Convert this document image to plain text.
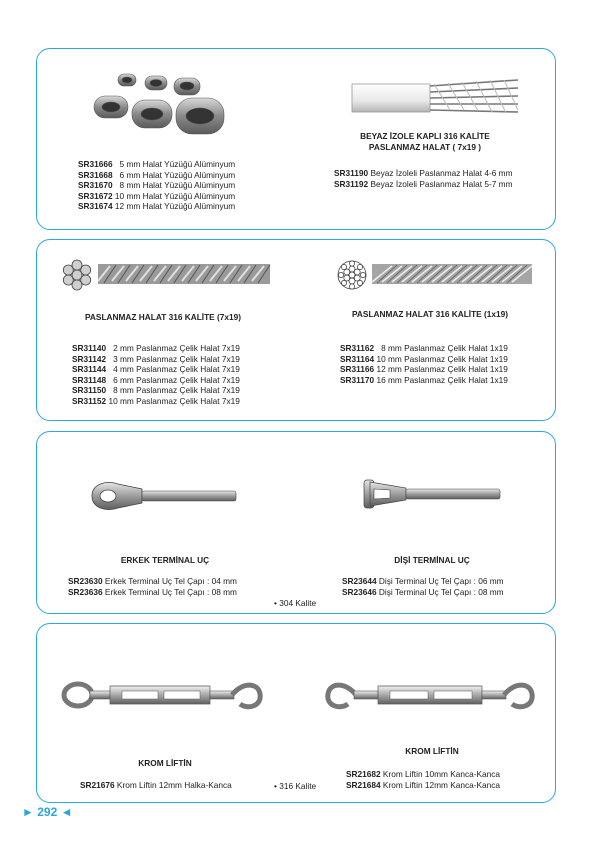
SR31666 5 mm Halat Yüzüğü Alüminyum
SR31668 6 mm Halat Yüzüğü Alüminyum
SR31670 8 mm Halat Yüzüğü Alüminyum
SR31672 10 mm Halat Yüzüğü Alüminyum
SR31674 12 mm Halat Yüzüğü Alüminyum
BEYAZ İZOLE KAPLI 316 KALİTE
PASLANMAZ HALAT ( 7x19 )
SR31190 Beyaz İzoleli Paslanmaz Halat 4-6 mm
SR31192 Beyaz İzoleli Paslanmaz Halat 5-7 mm
PASLANMAZ HALAT 316 KALİTE (7x19)	PASLANMAZ HALAT 316 KALİTE (1x19)
SR31140 2 mm Paslanmaz Çelik Halat 7x19
SR31142 3 mm Paslanmaz Çelik Halat 7x19
SR31144 4 mm Paslanmaz Çelik Halat 7x19
SR31148 6 mm Paslanmaz Çelik Halat 7x19
SR31150 8 mm Paslanmaz Çelik Halat 7x19
SR31152 10 mm Paslanmaz Çelik Halat 7x19
SR31162 8 mm Paslanmaz Çelik Halat 1x19
SR31164 10 mm Paslanmaz Çelik Halat 1x19
SR31166 12 mm Paslanmaz Çelik Halat 1x19
SR31170 16 mm Paslanmaz Çelik Halat 1x19
ERKEK TERMİNAL UÇ	DİŞİ TERMİNAL UÇ
SR23630 Erkek Terminal Uç Tel Çapı : 04 mm
SR23636 Erkek Terminal Uç Tel Çapı : 08 mm
SR23644 Dişi Terminal Uç Tel Çapı : 06 mm
SR23646 Dişi Terminal Uç Tel Çapı : 08 mm
• 304 Kalite
KROM LİFTİN
KROM LİFTİN
SR21676 Krom Liftin 12mm Halka-Kanca
SR21682 Krom Liftin 10mm Kanca-Kanca
SR21684 Krom Liftin 12mm Kanca-Kanca
• 316 Kalite
► 292 ◄
